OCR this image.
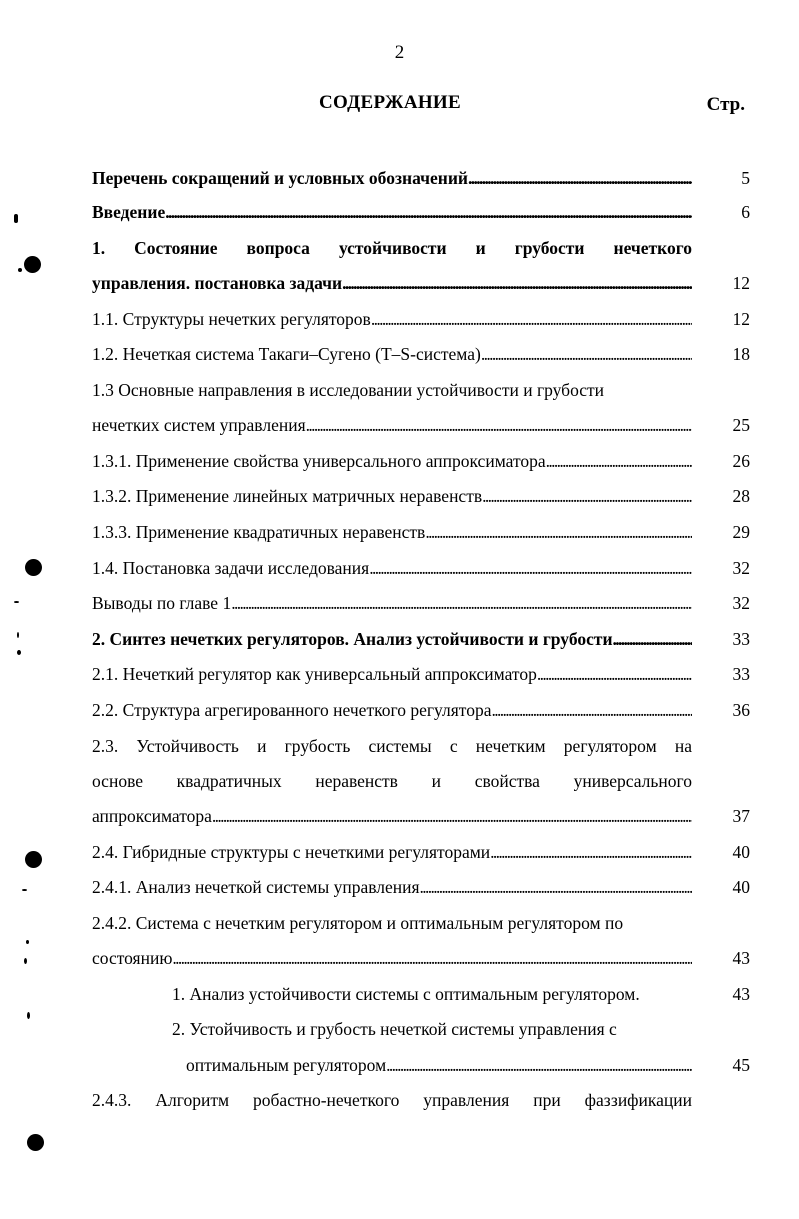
2
СОДЕРЖАНИЕ	Стр.
Перечень сокращений и условных обозначений . . .	5
Введение . . .	6
1. Состояние вопроса устойчивости и грубости нечеткого
управления. постановка задачи . . .	12
1.1. Структуры нечетких регуляторов . . .	12
1.2. Нечеткая система Такаги–Сугено (T–S-система) . . .	18
1.3 Основные направления в исследовании устойчивости и грубости
нечетких систем управления . . .	25
1.3.1. Применение свойства универсального аппроксиматора . . .	26
1.3.2. Применение линейных матричных неравенств . . .	28
1.3.3. Применение квадратичных неравенств . . .	29
1.4. Постановка задачи исследования . . .	32
Выводы по главе 1 . . .	32
2. Синтез нечетких регуляторов. Анализ устойчивости и грубости . . .	33
2.1. Нечеткий регулятор как универсальный аппроксиматор . . .	33
2.2. Структура агрегированного нечеткого регулятора . . .	36
2.3. Устойчивость и грубость системы с нечетким регулятором на
основе квадратичных неравенств и свойства универсального
аппроксиматора . . .	37
2.4. Гибридные структуры с нечеткими регуляторами . . .	40
2.4.1. Анализ нечеткой системы управления . . .	40
2.4.2. Система с нечетким регулятором и оптимальным регулятором по
состоянию . . .	43
1. Анализ устойчивости системы с оптимальным регулятором.	43
2. Устойчивость и грубость нечеткой системы управления с
оптимальным регулятором . . .	45
2.4.3. Алгоритм робастно-нечеткого управления при фаззификации
